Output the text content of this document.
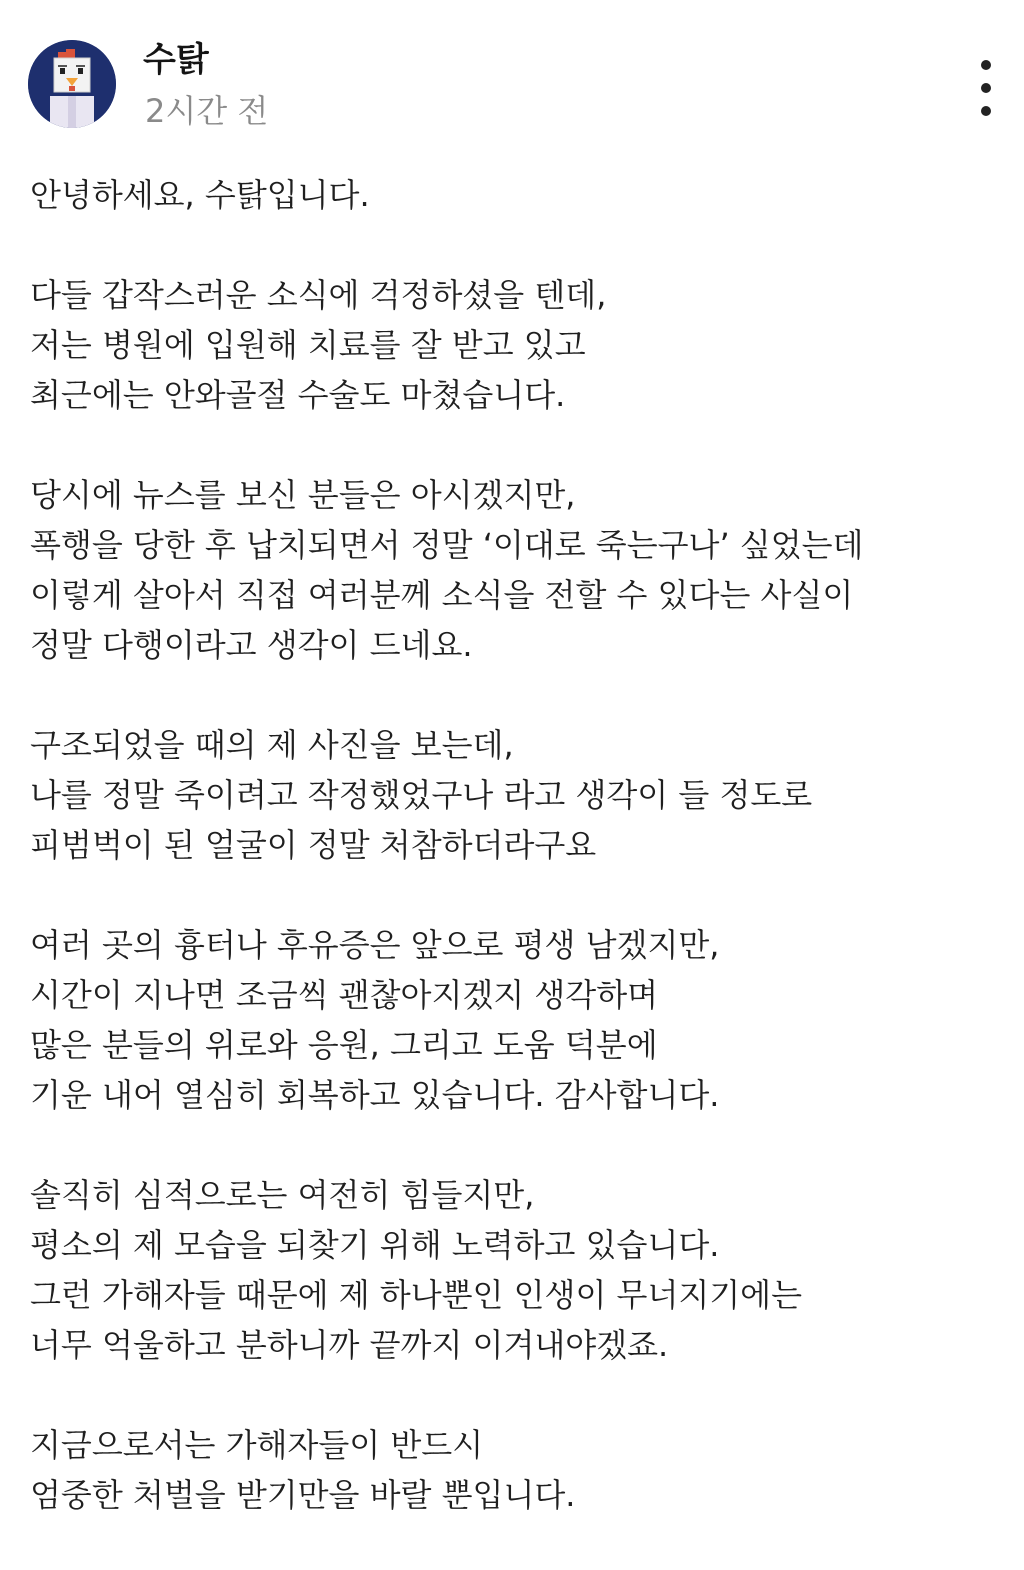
수탉
2시간 전

안녕하세요, 수탉입니다.

다들 갑작스러운 소식에 걱정하셨을 텐데,
저는 병원에 입원해 치료를 잘 받고 있고
최근에는 안와골절 수술도 마쳤습니다.

당시에 뉴스를 보신 분들은 아시겠지만,
폭행을 당한 후 납치되면서 정말 ‘이대로 죽는구나’ 싶었는데
이렇게 살아서 직접 여러분께 소식을 전할 수 있다는 사실이
정말 다행이라고 생각이 드네요.

구조되었을 때의 제 사진을 보는데,
나를 정말 죽이려고 작정했었구나 라고 생각이 들 정도로
피범벅이 된 얼굴이 정말 처참하더라구요

여러 곳의 흉터나 후유증은 앞으로 평생 남겠지만,
시간이 지나면 조금씩 괜찮아지겠지 생각하며
많은 분들의 위로와 응원, 그리고 도움 덕분에
기운 내어 열심히 회복하고 있습니다. 감사합니다.

솔직히 심적으로는 여전히 힘들지만,
평소의 제 모습을 되찾기 위해 노력하고 있습니다.
그런 가해자들 때문에 제 하나뿐인 인생이 무너지기에는
너무 억울하고 분하니까 끝까지 이겨내야겠죠.

지금으로서는 가해자들이 반드시
엄중한 처벌을 받기만을 바랄 뿐입니다.
